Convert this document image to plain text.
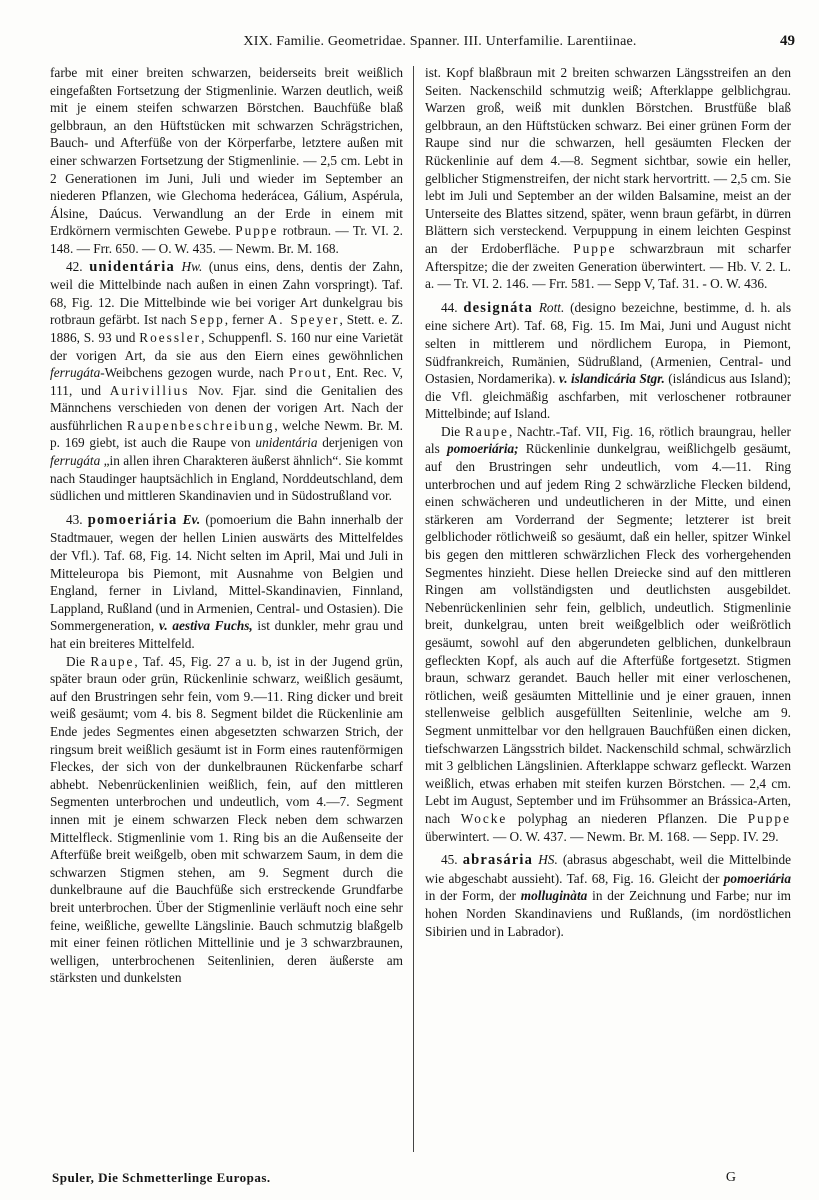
XIX. Familie. Geometridae. Spanner. III. Unterfamilie. Larentiinae.	49

farbe mit einer breiten schwarzen, beiderseits breit weißlich eingefaßten Fortsetzung der Stigmenlinie. Warzen deutlich, weiß mit je einem steifen schwarzen Börstchen. Bauchfüße blaß gelbbraun, an den Hüftstücken mit schwarzen Schrägstrichen, Bauch- und Afterfüße von der Körperfarbe, letztere außen mit einer schwarzen Fortsetzung der Stigmenlinie. — 2,5 cm. Lebt in 2 Generationen im Juni, Juli und wieder im September an niederen Pflanzen, wie Glechoma hederácea, Gálium, Aspérula, Álsine, Daúcus. Verwandlung an der Erde in einem mit Erdkörnern vermischten Gewebe. Puppe rotbraun. — Tr. VI. 2. 148. — Frr. 650. — O. W. 435. — Newm. Br. M. 168.

42. unidentária Hw. (unus eins, dens, dentis der Zahn, weil die Mittelbinde nach außen in einen Zahn vorspringt). Taf. 68, Fig. 12. Die Mittelbinde wie bei voriger Art dunkelgrau bis rotbraun gefärbt. Ist nach Sepp, ferner A. Speyer, Stett. e. Z. 1886, S. 93 und Roessler, Schuppenfl. S. 160 nur eine Varietät der vorigen Art, da sie aus den Eiern eines gewöhnlichen ferrugáta-Weibchens gezogen wurde, nach Prout, Ent. Rec. V, 111, und Aurivillius Nov. Fjar. sind die Genitalien des Männchens verschieden von denen der vorigen Art. Nach der ausführlichen Raupenbeschreibung, welche Newm. Br. M. p. 169 giebt, ist auch die Raupe von unidentária derjenigen von ferrugáta „in allen ihren Charakteren äußerst ähnlich“. Sie kommt nach Staudinger hauptsächlich in England, Norddeutschland, dem südlichen und mittleren Skandinavien und in Südostrußland vor.

43. pomoeriária Ev. (pomoerium die Bahn innerhalb der Stadtmauer, wegen der hellen Linien auswärts des Mittelfeldes der Vfl.). Taf. 68, Fig. 14. Nicht selten im April, Mai und Juli in Mitteleuropa bis Piemont, mit Ausnahme von Belgien und England, ferner in Livland, Mittel-Skandinavien, Finnland, Lappland, Rußland (und in Armenien, Central- und Ostasien). Die Sommergeneration, v. aestiva Fuchs, ist dunkler, mehr grau und hat ein breiteres Mittelfeld.

Die Raupe, Taf. 45, Fig. 27 a u. b, ist in der Jugend grün, später braun oder grün, Rückenlinie schwarz, weißlich gesäumt, auf den Brustringen sehr fein, vom 9.—11. Ring dicker und breit weiß gesäumt; vom 4. bis 8. Segment bildet die Rückenlinie am Ende jedes Segmentes einen abgesetzten schwarzen Strich, der ringsum breit weißlich gesäumt ist in Form eines rautenförmigen Fleckes, der sich von der dunkelbraunen Rückenfarbe scharf abhebt. Nebenrückenlinien weißlich, fein, auf den mittleren Segmenten unterbrochen und undeutlich, vom 4.—7. Segment innen mit je einem schwarzen Fleck neben dem schwarzen Mittelfleck. Stigmenlinie vom 1. Ring bis an die Außenseite der Afterfüße breit weißgelb, oben mit schwarzem Saum, in dem die schwarzen Stigmen stehen, am 9. Segment durch die dunkelbraune auf die Bauchfüße sich erstreckende Grundfarbe breit unterbrochen. Über der Stigmenlinie verläuft noch eine sehr feine, weißliche, gewellte Längslinie. Bauch schmutzig blaßgelb mit einer feinen rötlichen Mittellinie und je 3 schwarzbraunen, welligen, unterbrochenen Seitenlinien, deren äußerste am stärksten und dunkelsten

ist. Kopf blaßbraun mit 2 breiten schwarzen Längsstreifen an den Seiten. Nackenschild schmutzig weiß; Afterklappe gelblichgrau. Warzen groß, weiß mit dunklen Börstchen. Brustfüße blaß gelbbraun, an den Hüftstücken schwarz. Bei einer grünen Form der Raupe sind nur die schwarzen, hell gesäumten Flecken der Rückenlinie auf dem 4.—8. Segment sichtbar, sowie ein heller, gelblicher Stigmenstreifen, der nicht stark hervortritt. — 2,5 cm. Sie lebt im Juli und September an der wilden Balsamine, meist an der Unterseite des Blattes sitzend, später, wenn braun gefärbt, in dürren Blättern sich versteckend. Verpuppung in einem leichten Gespinst an der Erdoberfläche. Puppe schwarzbraun mit scharfer Afterspitze; die der zweiten Generation überwintert. — Hb. V. 2. L. a. — Tr. VI. 2. 146. — Frr. 581. — Sepp V, Taf. 31. - O. W. 436.

44. designáta Rott. (designo bezeichne, bestimme, d. h. als eine sichere Art). Taf. 68, Fig. 15. Im Mai, Juni und August nicht selten in mittlerem und nördlichem Europa, in Piemont, Südfrankreich, Rumänien, Südrußland, (Armenien, Central- und Ostasien, Nordamerika). v. islandicária Stgr. (islándicus aus Island); die Vfl. gleichmäßig aschfarben, mit verloschener rotbrauner Mittelbinde; auf Island.

Die Raupe, Nachtr.-Taf. VII, Fig. 16, rötlich braungrau, heller als pomoeriária; Rückenlinie dunkelgrau, weißlichgelb gesäumt, auf den Brustringen sehr undeutlich, vom 4.—11. Ring unterbrochen und auf jedem Ring 2 schwärzliche Flecken bildend, einen schwächeren und undeutlicheren in der Mitte, und einen stärkeren am Vorderrand der Segmente; letzterer ist breit gelblichoder rötlichweiß so gesäumt, daß ein heller, spitzer Winkel bis gegen den mittleren schwärzlichen Fleck des vorhergehenden Segmentes hinzieht. Diese hellen Dreiecke sind auf den mittleren Ringen am vollständigsten und deutlichsten ausgebildet. Nebenrückenlinien sehr fein, gelblich, undeutlich. Stigmenlinie breit, dunkelgrau, unten breit weißgelblich oder weißrötlich gesäumt, sowohl auf den abgerundeten gelblichen, dunkelbraun gefleckten Kopf, als auch auf die Afterfüße fortgesetzt. Stigmen braun, schwarz gerandet. Bauch heller mit einer verloschenen, rötlichen, weiß gesäumten Mittellinie und je einer grauen, innen stellenweise gelblich ausgefüllten Seitenlinie, welche am 9. Segment unmittelbar vor den hellgrauen Bauchfüßen einen dicken, tiefschwarzen Längsstrich bildet. Nackenschild schmal, schwärzlich mit 3 gelblichen Längslinien. Afterklappe schwarz gefleckt. Warzen weißlich, etwas erhaben mit steifen kurzen Börstchen. — 2,4 cm. Lebt im August, September und im Frühsommer an Brássica-Arten, nach Wocke polyphag an niederen Pflanzen. Die Puppe überwintert. — O. W. 437. — Newm. Br. M. 168. — Sepp. IV. 29.

45. abrasária HS. (abrasus abgeschabt, weil die Mittelbinde wie abgeschabt aussieht). Taf. 68, Fig. 16. Gleicht der pomoeriária in der Form, der molluginàta in der Zeichnung und Farbe; nur im hohen Norden Skandinaviens und Rußlands, (im nordöstlichen Sibirien und in Labrador).

Spuler, Die Schmetterlinge Europas.	G
